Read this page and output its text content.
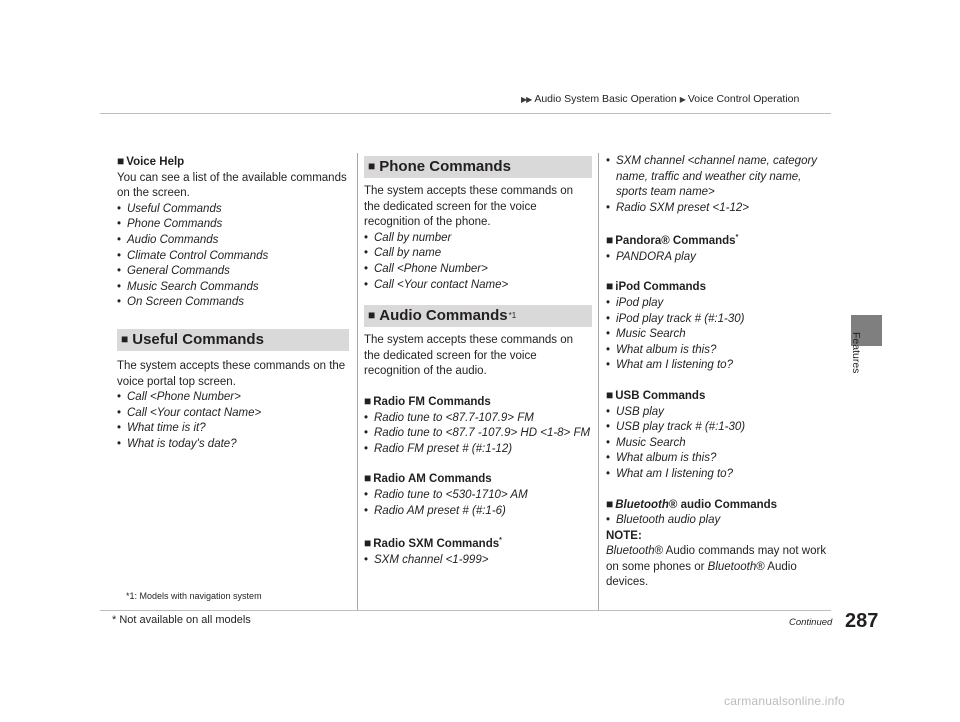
▶▶ Audio System Basic Operation ▶ Voice Control Operation
Features

■ Voice Help

You can see a list of the available commands on the screen.

• Useful Commands
• Phone Commands
• Audio Commands
• Climate Control Commands
• General Commands
• Music Search Commands
• On Screen Commands
■ Useful Commands

The system accepts these commands on the voice portal top screen.

• Call <Phone Number>
• Call <Your contact Name>
• What time is it?
• What is today's date?
*1: Models with navigation system
■ Phone Commands

The system accepts these commands on the dedicated screen for the voice recognition of the phone.

• Call by number
• Call by name
• Call <Phone Number>
• Call <Your contact Name>
■ Audio Commands *1

The system accepts these commands on the dedicated screen for the voice recognition of the audio.

■ Radio FM Commands

• Radio tune to <87.7-107.9> FM
• Radio tune to <87.7 -107.9> HD <1-8> FM
• Radio FM preset # (#:1-12)

■ Radio AM Commands

• Radio tune to <530-1710> AM
• Radio AM preset # (#:1-6)

■ Radio SXM Commands*

• SXM channel <1-999>
• SXM channel <channel name, category name, traffic and weather city name, sports team name>
• Radio SXM preset <1-12>

■ Pandora® Commands*

• PANDORA play

■ iPod Commands

• iPod play
• iPod play track # (#:1-30)
• Music Search
• What album is this?
• What am I listening to?

■ USB Commands

• USB play
• USB play track # (#:1-30)
• Music Search
• What album is this?
• What am I listening to?

■ Bluetooth® audio Commands

• Bluetooth audio play

NOTE:

Bluetooth® Audio commands may not work on some phones or Bluetooth® Audio devices.

* Not available on all models	Continued 287
carmanualsonline.info
